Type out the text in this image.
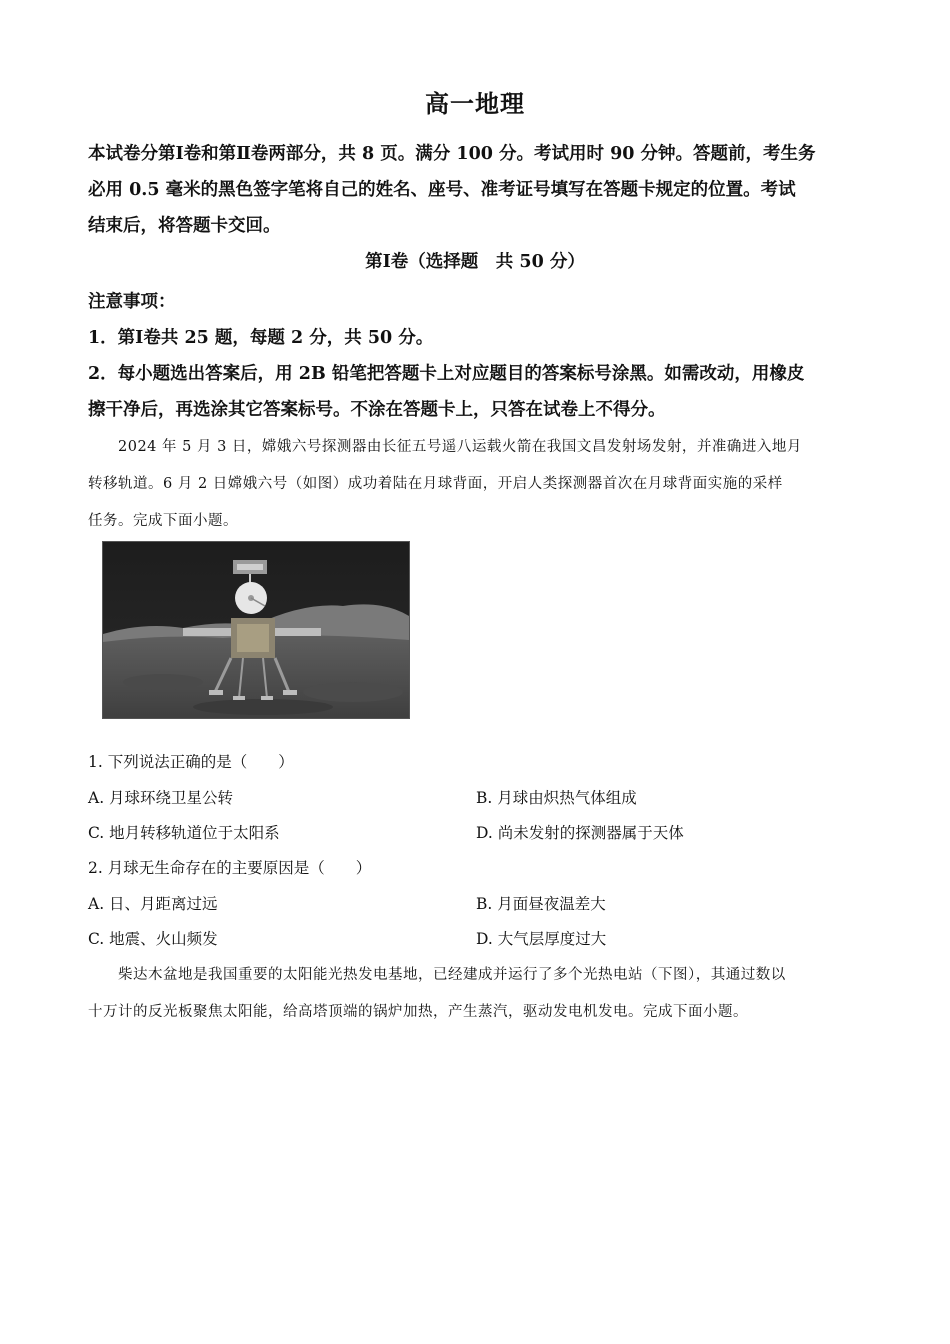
高一地理
本试卷分第Ⅰ卷和第Ⅱ卷两部分，共 8 页。满分 100 分。考试用时 90 分钟。答题前，考生务
必用 0.5 毫米的黑色签字笔将自己的姓名、座号、准考证号填写在答题卡规定的位置。考试
结束后，将答题卡交回。
第Ⅰ卷（选择题　共 50 分）
注意事项：
1．第Ⅰ卷共 25 题，每题 2 分，共 50 分。
2．每小题选出答案后，用 2B 铅笔把答题卡上对应题目的答案标号涂黑。如需改动，用橡皮
擦干净后，再选涂其它答案标号。不涂在答题卡上，只答在试卷上不得分。
2024 年 5 月 3 日，嫦娥六号探测器由长征五号遥八运载火箭在我国文昌发射场发射，并准确进入地月
转移轨道。6 月 2 日嫦娥六号（如图）成功着陆在月球背面，开启人类探测器首次在月球背面实施的采样
任务。完成下面小题。
1. 下列说法正确的是（　　）
A. 月球环绕卫星公转	B. 月球由炽热气体组成
C. 地月转移轨道位于太阳系	D. 尚未发射的探测器属于天体
2. 月球无生命存在的主要原因是（　　）
A. 日、月距离过远	B. 月面昼夜温差大
C. 地震、火山频发	D. 大气层厚度过大
柴达木盆地是我国重要的太阳能光热发电基地，已经建成并运行了多个光热电站（下图），其通过数以
十万计的反光板聚焦太阳能，给高塔顶端的锅炉加热，产生蒸汽，驱动发电机发电。完成下面小题。
